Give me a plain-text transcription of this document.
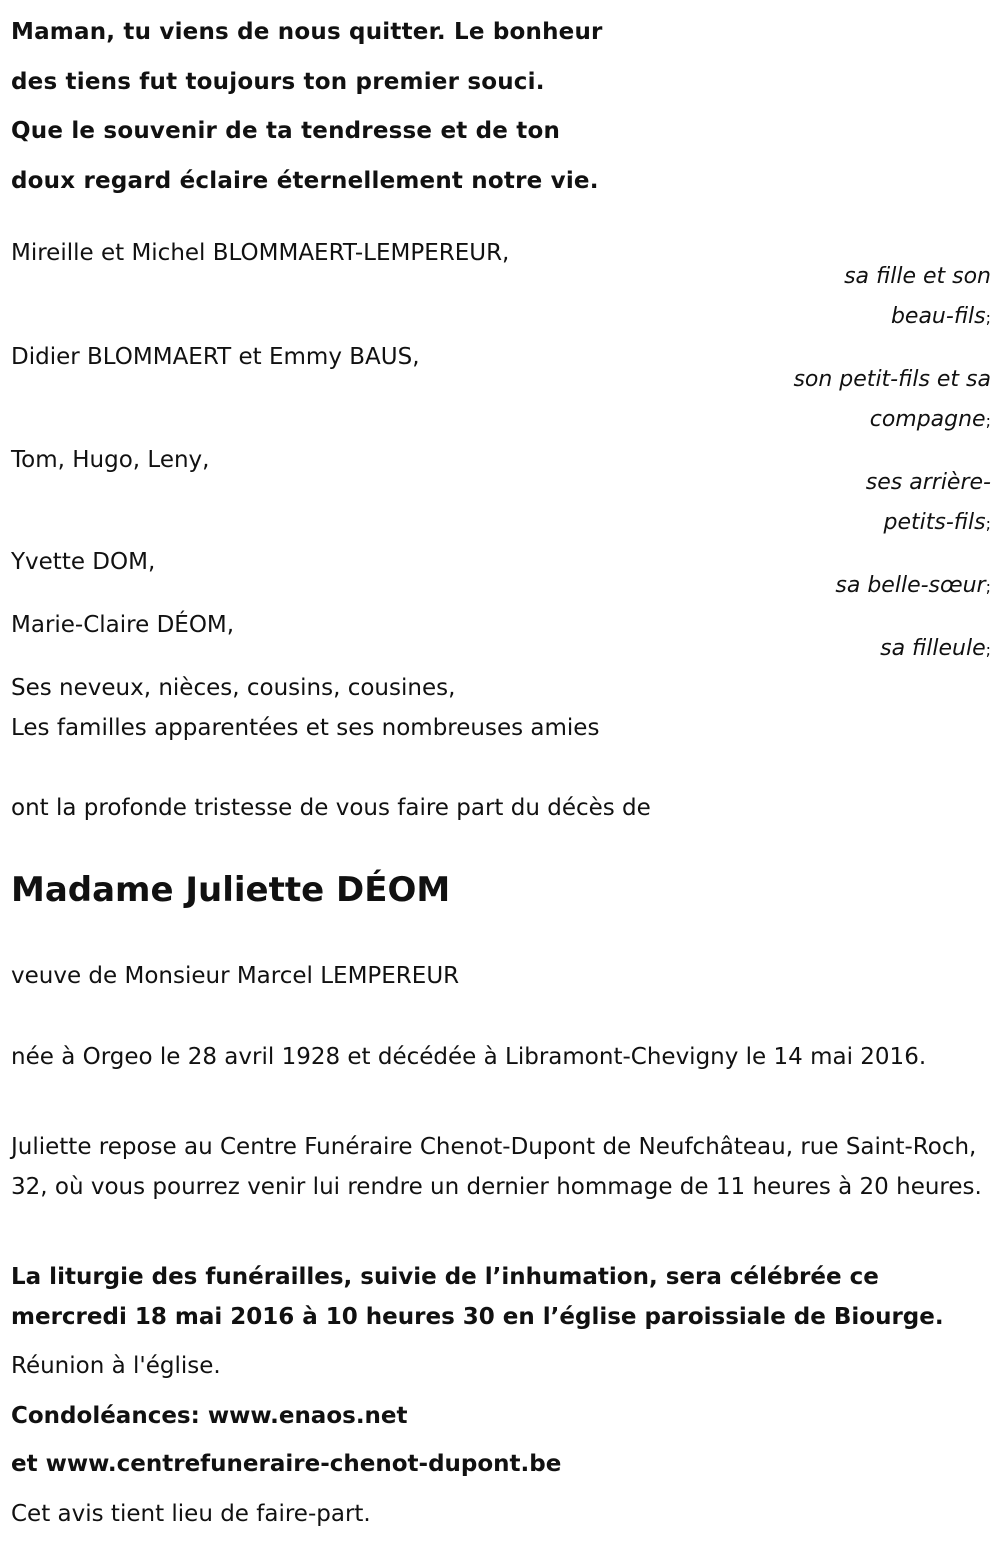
Maman, tu viens de nous quitter. Le bonheur
des tiens fut toujours ton premier souci.
Que le souvenir de ta tendresse et de ton
doux regard éclaire éternellement notre vie.
Mireille et Michel BLOMMAERT-LEMPEREUR,
sa fille et son
beau-fils;
Didier BLOMMAERT et Emmy BAUS,
son petit-fils et sa
compagne;
Tom, Hugo, Leny,
ses arrière-
petits-fils;
Yvette DOM,
sa belle-sœur;
Marie-Claire DÉOM,
sa filleule;
Ses neveux, nièces, cousins, cousines,
Les familles apparentées et ses nombreuses amies
ont la profonde tristesse de vous faire part du décès de
Madame Juliette DÉOM
veuve de Monsieur Marcel LEMPEREUR
née à Orgeo le 28 avril 1928 et décédée à Libramont-Chevigny le 14 mai 2016.
Juliette repose au Centre Funéraire Chenot-Dupont de Neufchâteau, rue Saint-Roch, 32, où vous pourrez venir lui rendre un dernier hommage de 11 heures à 20 heures.
La liturgie des funérailles, suivie de l’inhumation, sera célébrée ce mercredi 18 mai 2016 à 10 heures 30 en l’église paroissiale de Biourge.
Réunion à l'église.
Condoléances: www.enaos.net
et www.centrefuneraire-chenot-dupont.be
Cet avis tient lieu de faire-part.
